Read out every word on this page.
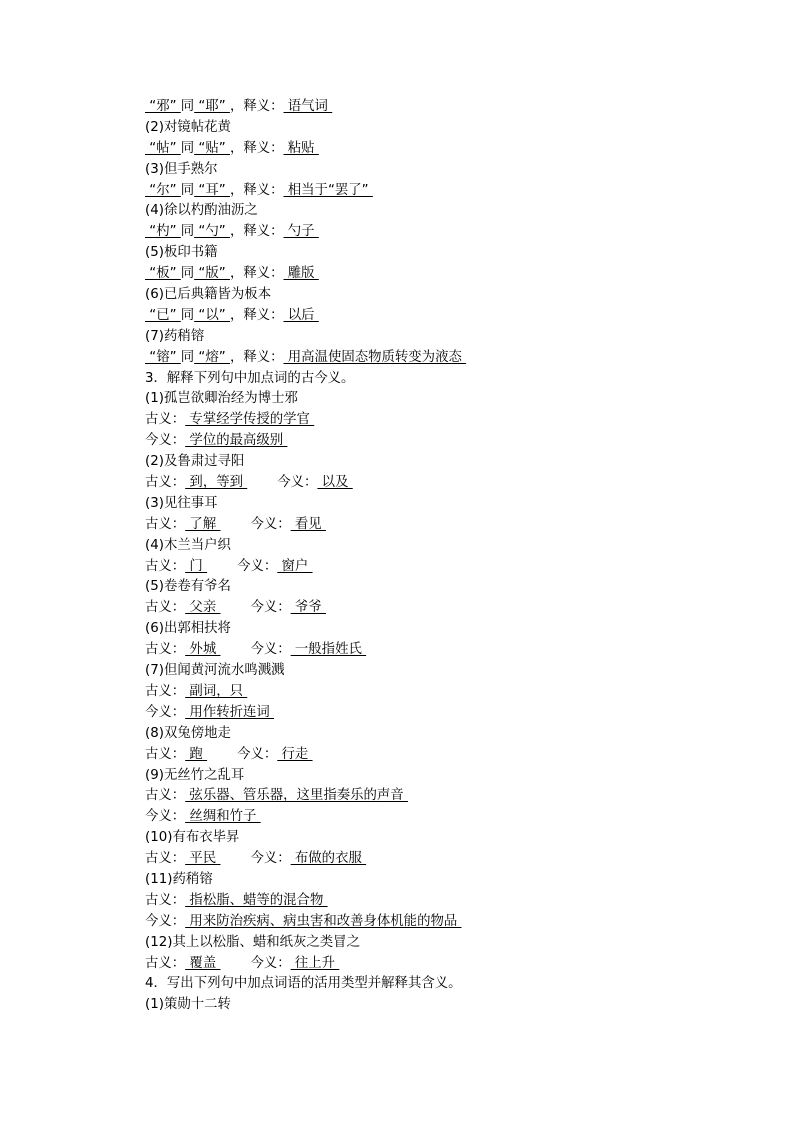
“邪” 同 “耶” ，释义： 语气词
(2)对镜帖花黄
“帖” 同 “贴” ，释义： 粘贴
(3)但手熟尔
“尔” 同 “耳” ，释义： 相当于“罢了”
(4)徐以杓酌油沥之
“杓” 同 “勺” ，释义： 勺子
(5)板印书籍
“板” 同 “版” ，释义： 雕版
(6)已后典籍皆为板本
“已” 同 “以” ，释义： 以后
(7)药稍镕
“镕” 同 “熔” ，释义： 用高温使固态物质转变为液态
3．解释下列句中加点词的古今义。
(1)孤岂欲卿治经为博士邪
古义： 专掌经学传授的学官
今义： 学位的最高级别
(2)及鲁肃过寻阳
古义： 到，等到 今义： 以及
(3)见往事耳
古义： 了解 今义： 看见
(4)木兰当户织
古义： 门 今义： 窗户
(5)卷卷有爷名
古义： 父亲 今义： 爷爷
(6)出郭相扶将
古义： 外城 今义： 一般指姓氏
(7)但闻黄河流水鸣溅溅
古义： 副词，只
今义： 用作转折连词
(8)双兔傍地走
古义： 跑 今义： 行走
(9)无丝竹之乱耳
古义： 弦乐器、管乐器，这里指奏乐的声音
今义： 丝绸和竹子
(10)有布衣毕昇
古义： 平民 今义： 布做的衣服
(11)药稍镕
古义： 指松脂、蜡等的混合物
今义： 用来防治疾病、病虫害和改善身体机能的物品
(12)其上以松脂、蜡和纸灰之类冒之
古义： 覆盖 今义： 往上升
4．写出下列句中加点词语的活用类型并解释其含义。
(1)策勋十二转
